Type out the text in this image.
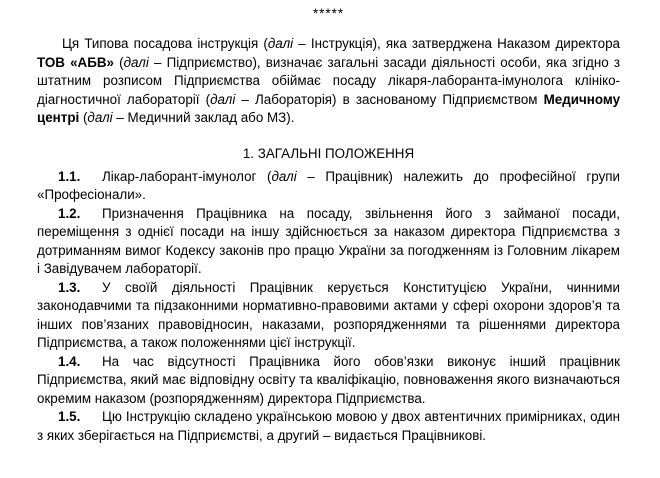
*****

Ця Типова посадова інструкція (далі – Інструкція), яка затверджена Наказом директора ТОВ «АБВ» (далі – Підприємство), визначає загальні засади діяльності особи, яка згідно з штатним розписом Підприємства обіймає посаду лікаря-лаборанта-імунолога клініко-діагностичної лабораторії (далі – Лабораторія) в заснованому Підприємством Медичному центрі (далі – Медичний заклад або МЗ).

1. ЗАГАЛЬНІ ПОЛОЖЕННЯ

1.1. Лікар-лаборант-імунолог (далі – Працівник) належить до професійної групи «Професіонали».

1.2. Призначення Працівника на посаду, звільнення його з займаної посади, переміщення з однієї посади на іншу здійснюється за наказом директора Підприємства з дотриманням вимог Кодексу законів про працю України за погодженням із Головним лікарем і Завідувачем лабораторії.

1.3. У своїй діяльності Працівник керується Конституцією України, чинними законодавчими та підзаконними нормативно-правовими актами у сфері охорони здоров’я та інших пов’язаних правовідносин, наказами, розпорядженнями та рішеннями директора Підприємства, а також положеннями цієї інструкції.

1.4. На час відсутності Працівника його обов’язки виконує інший працівник Підприємства, який має відповідну освіту та кваліфікацію, повноваження якого визначаються окремим наказом (розпорядженням) директора Підприємства.

1.5. Цю Інструкцію складено українською мовою у двох автентичних примірниках, один з яких зберігається на Підприємстві, а другий – видається Працівникові.
